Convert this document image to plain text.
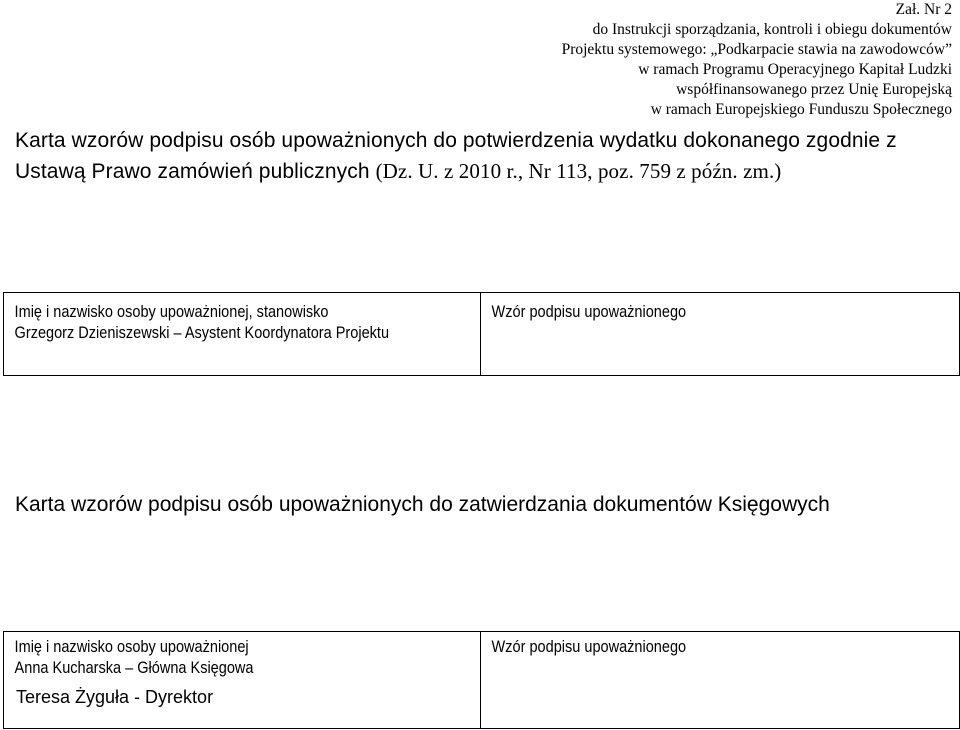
Zał. Nr 2
do Instrukcji sporządzania, kontroli i obiegu dokumentów
Projektu systemowego: „Podkarpacie stawia na zawodowców”
w ramach Programu Operacyjnego Kapitał Ludzki
współfinansowanego przez Unię Europejską
w ramach Europejskiego Funduszu Społecznego
Karta wzorów podpisu osób upoważnionych do potwierdzenia wydatku dokonanego zgodnie z Ustawą Prawo zamówień publicznych (Dz. U. z 2010 r., Nr 113, poz. 759 z późn. zm.)
Imię i nazwisko osoby upoważnionej, stanowisko
Grzegorz Dzieniszewski – Asystent Koordynatora Projektu

Wzór podpisu upoważnionego
Karta wzorów podpisu osób upoważnionych do zatwierdzania dokumentów Księgowych
Imię i nazwisko osoby upoważnionej
Anna Kucharska – Główna Księgowa
Teresa Żyguła - Dyrektor

Wzór podpisu upoważnionego
